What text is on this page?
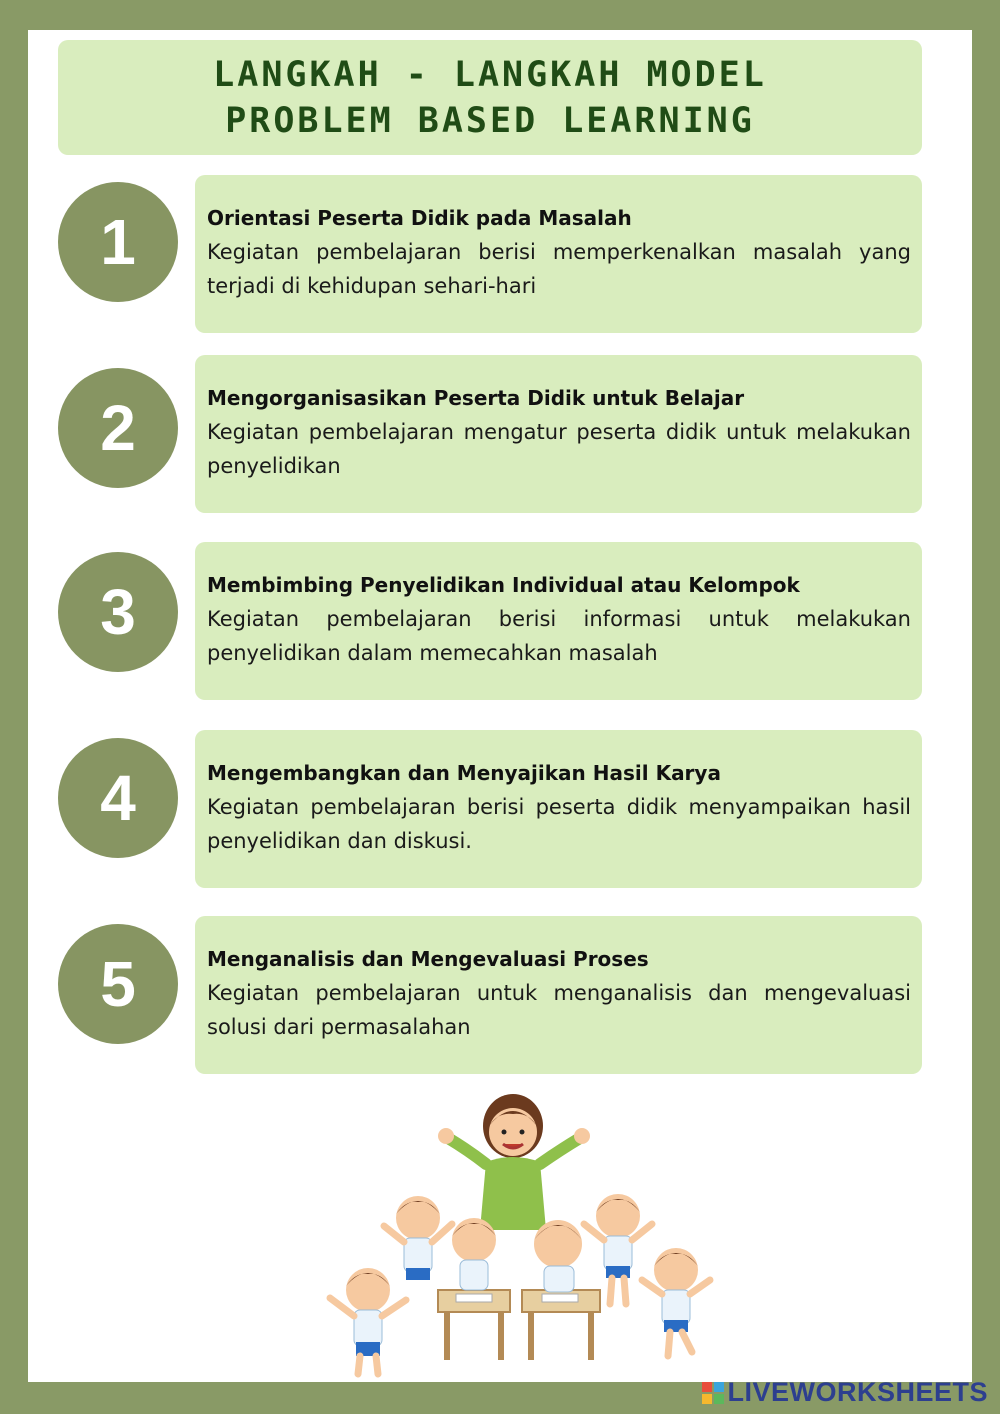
LANGKAH - LANGKAH MODEL
PROBLEM BASED LEARNING
1	Orientasi Peserta Didik pada Masalah
Kegiatan pembelajaran berisi memperkenalkan masalah yang terjadi di kehidupan sehari-hari
2	Mengorganisasikan Peserta Didik untuk Belajar
Kegiatan pembelajaran mengatur peserta didik untuk melakukan penyelidikan
3	Membimbing Penyelidikan Individual atau Kelompok
Kegiatan pembelajaran berisi informasi untuk melakukan penyelidikan dalam memecahkan masalah
4	Mengembangkan dan Menyajikan Hasil Karya
Kegiatan pembelajaran berisi peserta didik menyampaikan hasil penyelidikan dan diskusi.
5	Menganalisis dan Mengevaluasi Proses
Kegiatan pembelajaran untuk menganalisis dan mengevaluasi solusi dari permasalahan
LIVEWORKSHEETS
